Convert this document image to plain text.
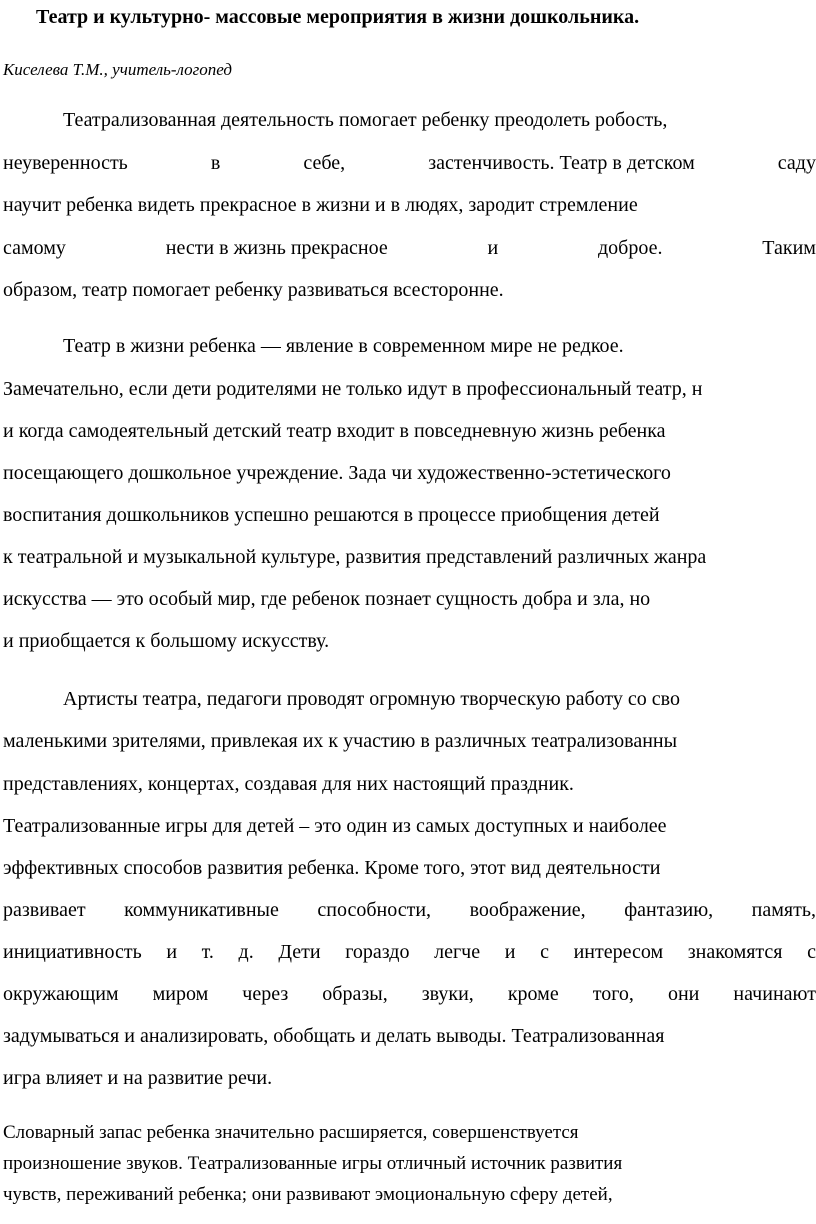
Театр и культурно- массовые мероприятия в жизни дошкольника.
Киселева Т.М., учитель-логопед
Театрализованная деятельность помогает ребенку преодолеть робость,
неуверенность	в	себе,	застенчивость. Театр в детском	саду
научит ребенка видеть прекрасное в жизни и в людях, зародит стремление
самому	нести в жизнь прекрасное	и	доброе.	Таким
образом, театр помогает ребенку развиваться всесторонне.
Театр в жизни ребенка — явление в современном мире не редкое.
Замечательно, если дети родителями не только идут в профессиональный театр, н
и когда самодеятельный детский театр входит в повседневную жизнь ребенка
посещающего дошкольное учреждение. Зада чи художественно-эстетического
воспитания дошкольников успешно решаются в процессе приобщения детей
к театральной и музыкальной культуре, развития представлений различных жанра
искусства — это особый мир, где ребенок познает сущность добра и зла, но
и приобщается к большому искусству.
Артисты театра, педагоги проводят огромную творческую работу со сво
маленькими зрителями, привлекая их к участию в различных театрализованны
представлениях, концертах, создавая для них настоящий праздник.
Театрализованные игры для детей – это один из самых доступных и наиболее
эффективных способов развития ребенка. Кроме того, этот вид деятельности
развивает коммуникативные способности, воображение, фантазию, память,
инициативность и т. д. Дети гораздо легче и с интересом знакомятся с
окружающим миром через образы, звуки, кроме того, они начинают
задумываться и анализировать, обобщать и делать выводы. Театрализованная
игра влияет и на развитие речи.
Словарный запас ребенка значительно расширяется, совершенствуется
произношение звуков. Театрализованные игры отличный источник развития
чувств, переживаний ребенка; они развивают эмоциональную сферу детей,
